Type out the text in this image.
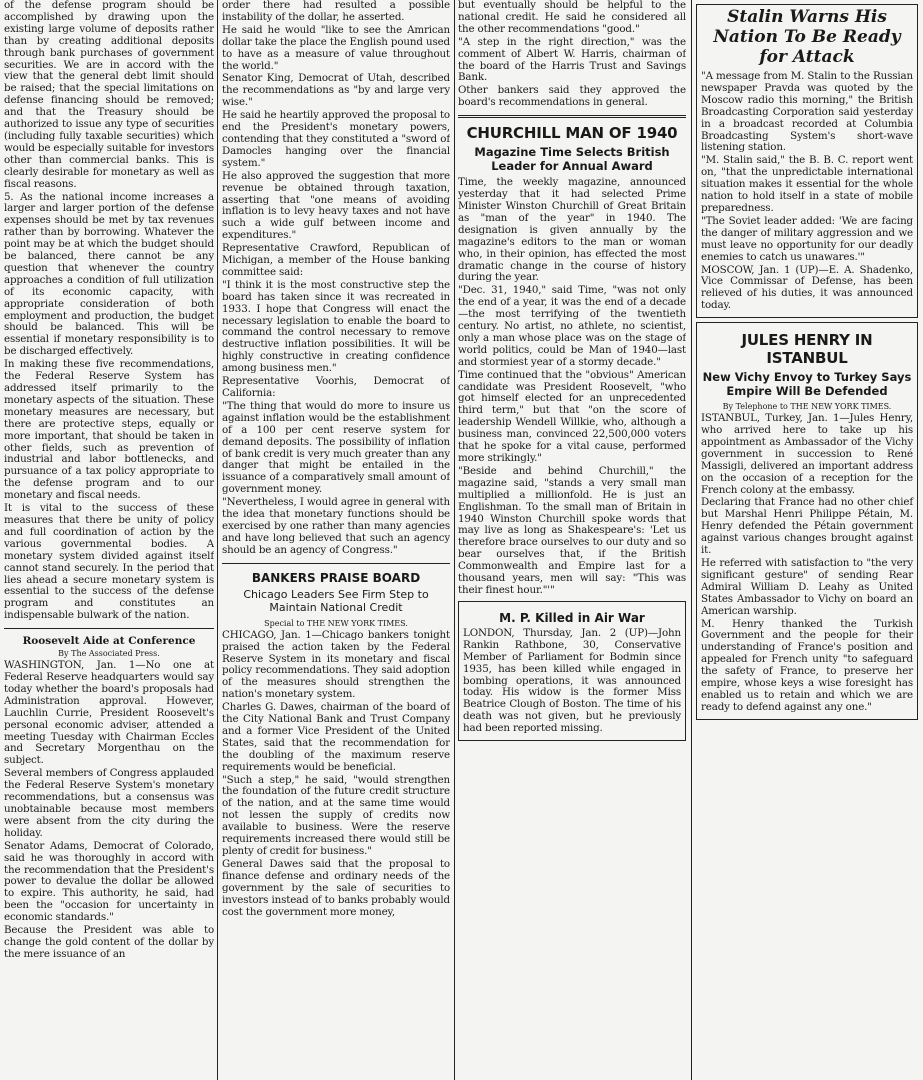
of the defense program should be accomplished by drawing upon the existing large volume of deposits rather than by creating additional deposits through bank purchases of government securities. We are in accord with the view that the general debt limit should be raised; that the special limitations on defense financing should be removed; and that the Treasury should be authorized to issue any type of securities (including fully taxable securities) which would be especially suitable for investors other than commercial banks. This is clearly desirable for monetary as well as fiscal reasons.

5. As the national income increases a larger and larger portion of the defense expenses should be met by tax revenues rather than by borrowing. Whatever the point may be at which the budget should be balanced, there cannot be any question that whenever the country approaches a condition of full utilization of its economic capacity, with appropriate consideration of both employment and production, the budget should be balanced. This will be essential if monetary responsibility is to be discharged effectively.

In making these five recommendations, the Federal Reserve System has addressed itself primarily to the monetary aspects of the situation. These monetary measures are necessary, but there are protective steps, equally or more important, that should be taken in other fields, such as prevention of industrial and labor bottlenecks, and pursuance of a tax policy appropriate to the defense program and to our monetary and fiscal needs.

It is vital to the success of these measures that there be unity of policy and full coordination of action by the various governmental bodies. A monetary system divided against itself cannot stand securely. In the period that lies ahead a secure monetary system is essential to the success of the defense program and constitutes an indispensable bulwark of the nation.

Roosevelt Aide at Conference
By The Associated Press.

WASHINGTON, Jan. 1—No one at Federal Reserve headquarters would say today whether the board's proposals had Administration approval. However, Lauchlin Currie, President Roosevelt's personal economic adviser, attended a meeting Tuesday with Chairman Eccles and Secretary Morgenthau on the subject.

Several members of Congress applauded the Federal Reserve System's monetary recommendations, but a consensus was unobtainable because most members were absent from the city during the holiday.

Senator Adams, Democrat of Colorado, said he was thoroughly in accord with the recommendation that the President's power to devalue the dollar be allowed to expire. This authority, he said, had been the "occasion for uncertainty in economic standards."

Because the President was able to change the gold content of the dollar by the mere issuance of an

order there had resulted a possible instability of the dollar, he asserted.

He said he would "like to see the Amrican dollar take the place the English pound used to have as a measure of value throughout the world."

Senator King, Democrat of Utah, described the recommendations as "by and large very wise."

He said he heartily approved the proposal to end the President's monetary powers, contending that they constituted a "sword of Damocles hanging over the financial system."

He also approved the suggestion that more revenue be obtained through taxation, asserting that "one means of avoiding inflation is to levy heavy taxes and not have such a wide gulf between income and expenditures."

Representative Crawford, Republican of Michigan, a member of the House banking committee said:

"I think it is the most constructive step the board has taken since it was recreated in 1933. I hope that Congress will enact the necessary legislation to enable the board to command the control necessary to remove destructive inflation possibilities. It will be highly constructive in creating confidence among business men."

Representative Voorhis, Democrat of California:

"The thing that would do more to insure us against inflation would be the establishment of a 100 per cent reserve system for demand deposits. The possibility of inflation of bank credit is very much greater than any danger that might be entailed in the issuance of a comparatively small amount of government money.

"Nevertheless, I would agree in general with the idea that monetary functions should be exercised by one rather than many agencies and have long believed that such an agency should be an agency of Congress."

BANKERS PRAISE BOARD
Chicago Leaders See Firm Step to Maintain National Credit
Special to THE NEW YORK TIMES.

CHICAGO, Jan. 1—Chicago bankers tonight praised the action taken by the Federal Reserve System in its monetary and fiscal policy recommendations. They said adoption of the measures should strengthen the nation's monetary system.

Charles G. Dawes, chairman of the board of the City National Bank and Trust Company and a former Vice President of the United States, said that the recommendation for the doubling of the maximum reserve requirements would be beneficial.

"Such a step," he said, "would strengthen the foundation of the future credit structure of the nation, and at the same time would not lessen the supply of credits now available to business. Were the reserve requirements increased there would still be plenty of credit for business."

General Dawes said that the proposal to finance defense and ordinary needs of the government by the sale of securities to investors instead of to banks probably would cost the government more money,

but eventually should be helpful to the national credit. He said he considered all the other recommendations "good."

"A step in the right direction," was the comment of Albert W. Harris, chairman of the board of the Harris Trust and Savings Bank.

Other bankers said they approved the board's recommendations in general.

CHURCHILL MAN OF 1940
Magazine Time Selects British Leader for Annual Award

Time, the weekly magazine, announced yesterday that it had selected Prime Minister Winston Churchill of Great Britain as "man of the year" in 1940. The designation is given annually by the magazine's editors to the man or woman who, in their opinion, has effected the most dramatic change in the course of history during the year.

"Dec. 31, 1940," said Time, "was not only the end of a year, it was the end of a decade—the most terrifying of the twentieth century. No artist, no athlete, no scientist, only a man whose place was on the stage of world politics, could be Man of 1940—last and stormiest year of a stormy decade."

Time continued that the "obvious" American candidate was President Roosevelt, "who got himself elected for an unprecedented third term," but that "on the score of leadership Wendell Willkie, who, although a business man, convinced 22,500,000 voters that he spoke for a vital cause, performed more strikingly."

"Beside and behind Churchill," the magazine said, "stands a very small man multiplied a millionfold. He is just an Englishman. To the small man of Britain in 1940 Winston Churchill spoke words that may live as long as Shakespeare's: 'Let us therefore brace ourselves to our duty and so bear ourselves that, if the British Commonwealth and Empire last for a thousand years, men will say: "This was their finest hour."'"

M. P. Killed in Air War

LONDON, Thursday, Jan. 2 (UP)—John Rankin Rathbone, 30, Conservative Member of Parliament for Bodmin since 1935, has been killed while engaged in bombing operations, it was announced today. His widow is the former Miss Beatrice Clough of Boston. The time of his death was not given, but he previously had been reported missing.

Stalin Warns His Nation To Be Ready for Attack

"A message from M. Stalin to the Russian newspaper Pravda was quoted by the Moscow radio this morning," the British Broadcasting Corporation said yesterday in a broadcast recorded at Columbia Broadcasting System's short-wave listening station.

"M. Stalin said," the B. B. C. report went on, "that the unpredictable international situation makes it essential for the whole nation to hold itself in a state of mobile preparedness.

"The Soviet leader added: 'We are facing the danger of military aggression and we must leave no opportunity for our deadly enemies to catch us unawares.'"

MOSCOW, Jan. 1 (UP)—E. A. Shadenko, Vice Commissar of Defense, has been relieved of his duties, it was announced today.

JULES HENRY IN ISTANBUL
New Vichy Envoy to Turkey Says Empire Will Be Defended
By Telephone to THE NEW YORK TIMES.

ISTANBUL, Turkey, Jan. 1—Jules Henry, who arrived here to take up his appointment as Ambassador of the Vichy government in succession to René Massigli, delivered an important address on the occasion of a reception for the French colony at the embassy.

Declaring that France had no other chief but Marshal Henri Philippe Pétain, M. Henry defended the Pétain government against various changes brought against it.

He referred with satisfaction to "the very significant gesture" of sending Rear Admiral William D. Leahy as United States Ambassador to Vichy on board an American warship.

M. Henry thanked the Turkish Government and the people for their understanding of France's position and appealed for French unity "to safeguard the safety of France, to preserve her empire, whose keys a wise foresight has enabled us to retain and which we are ready to defend against any one."
